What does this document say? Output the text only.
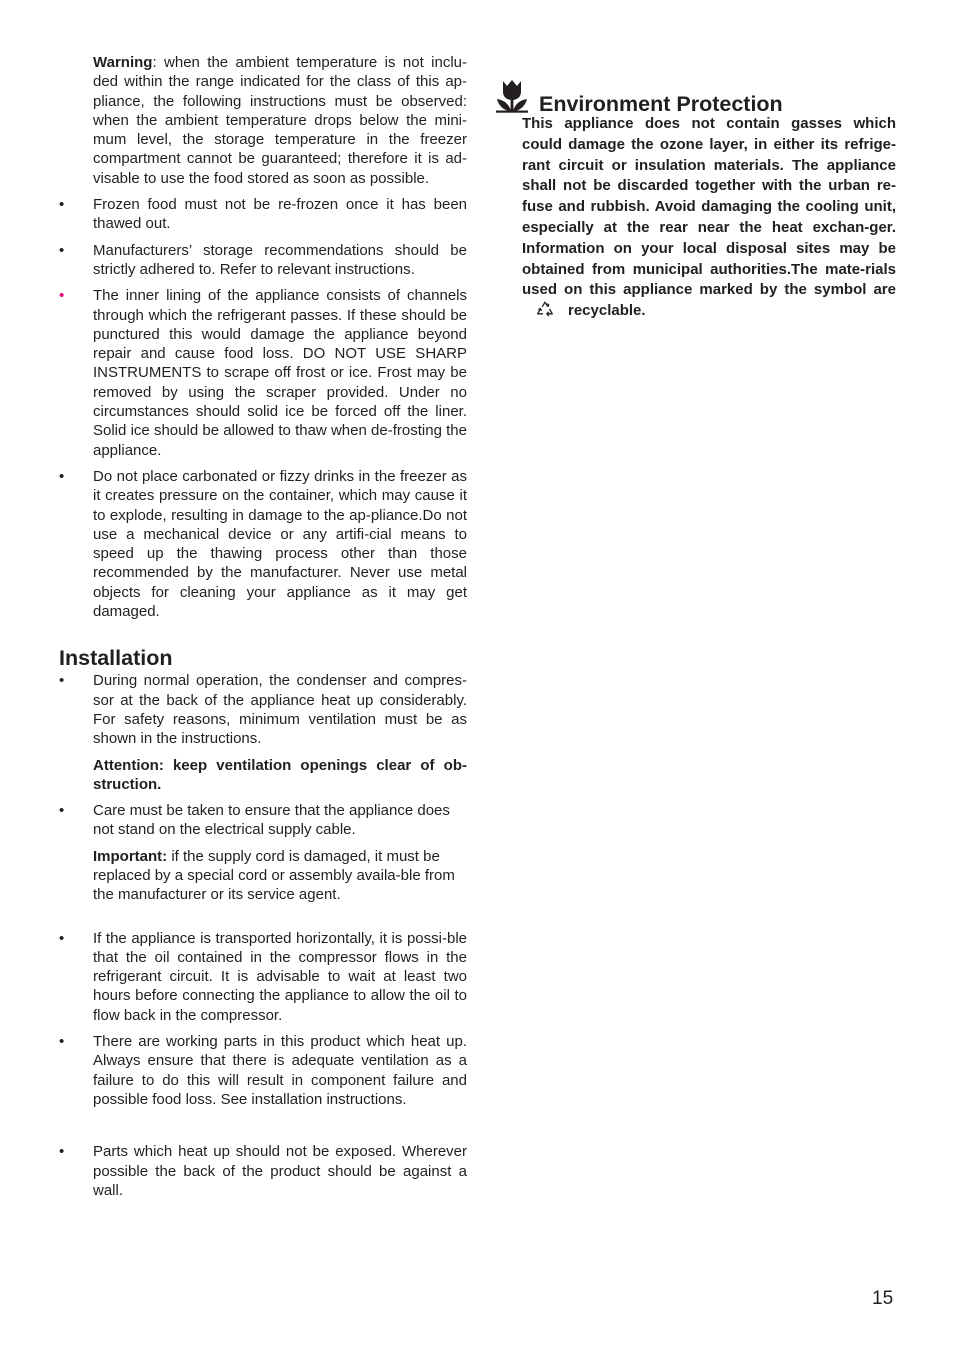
Warning: when the ambient temperature is not inclu-ded within the range indicated for the class of this ap-pliance, the following instructions must be observed: when the ambient temperature drops below the mini-mum level, the storage temperature in the freezer compartment cannot be guaranteed; therefore it is ad-visable to use the food stored as soon as possible.

•	Frozen food must not be re-frozen once it has been thawed out.

•	Manufacturers’ storage recommendations should be strictly adhered to. Refer to relevant instructions.

•	The inner lining of the appliance consists of channels through which the refrigerant passes. If these should be punctured this would damage the appliance beyond repair and cause food loss. DO NOT USE SHARP INSTRUMENTS to scrape off frost or ice. Frost may be removed by using the scraper provided. Under no circumstances should solid ice be forced off the liner. Solid ice should be allowed to thaw when de-frosting the appliance.

•	Do not place carbonated or fizzy drinks in the freezer as it creates pressure on the container, which may cause it to explode, resulting in damage to the ap-pliance.Do not use a mechanical device or any artifi-cial means to speed up the thawing process other than those recommended by the manufacturer. Never use metal objects for cleaning your appliance as it may get damaged.

Installation
•	During normal operation, the condenser and compres-sor at the back of the appliance heat up considerably. For safety reasons, minimum ventilation must be as shown in the instructions.

Attention: keep ventilation openings clear of ob-struction.

•	Care must be taken to ensure that the appliance does not stand on the electrical supply cable.

Important: if the supply cord is damaged, it must be replaced by a special cord or assembly availa-ble from the manufacturer or its service agent.

•	If the appliance is transported horizontally, it is possi-ble that the oil contained in the compressor flows in the refrigerant circuit. It is advisable to wait at least two hours before connecting the appliance to allow the oil to flow back in the compressor.

•	There are working parts in this product which heat up. Always ensure that there is adequate ventilation as a failure to do this will result in component failure and possible food loss. See installation instructions.

•	Parts which heat up should not be exposed. Wherever possible the back of the product should be against a wall.

Environment Protection

This appliance does not contain gasses which could damage the ozone layer, in either its refrige-rant circuit or insulation materials. The appliance shall not be discarded together with the urban re-fuse and rubbish. Avoid damaging the cooling unit, especially at the rear near the heat exchan-ger. Information on your local disposal sites may be obtained from municipal authorities.The mate-rials used on this appliance marked by the symbol arerecyclable.

15
